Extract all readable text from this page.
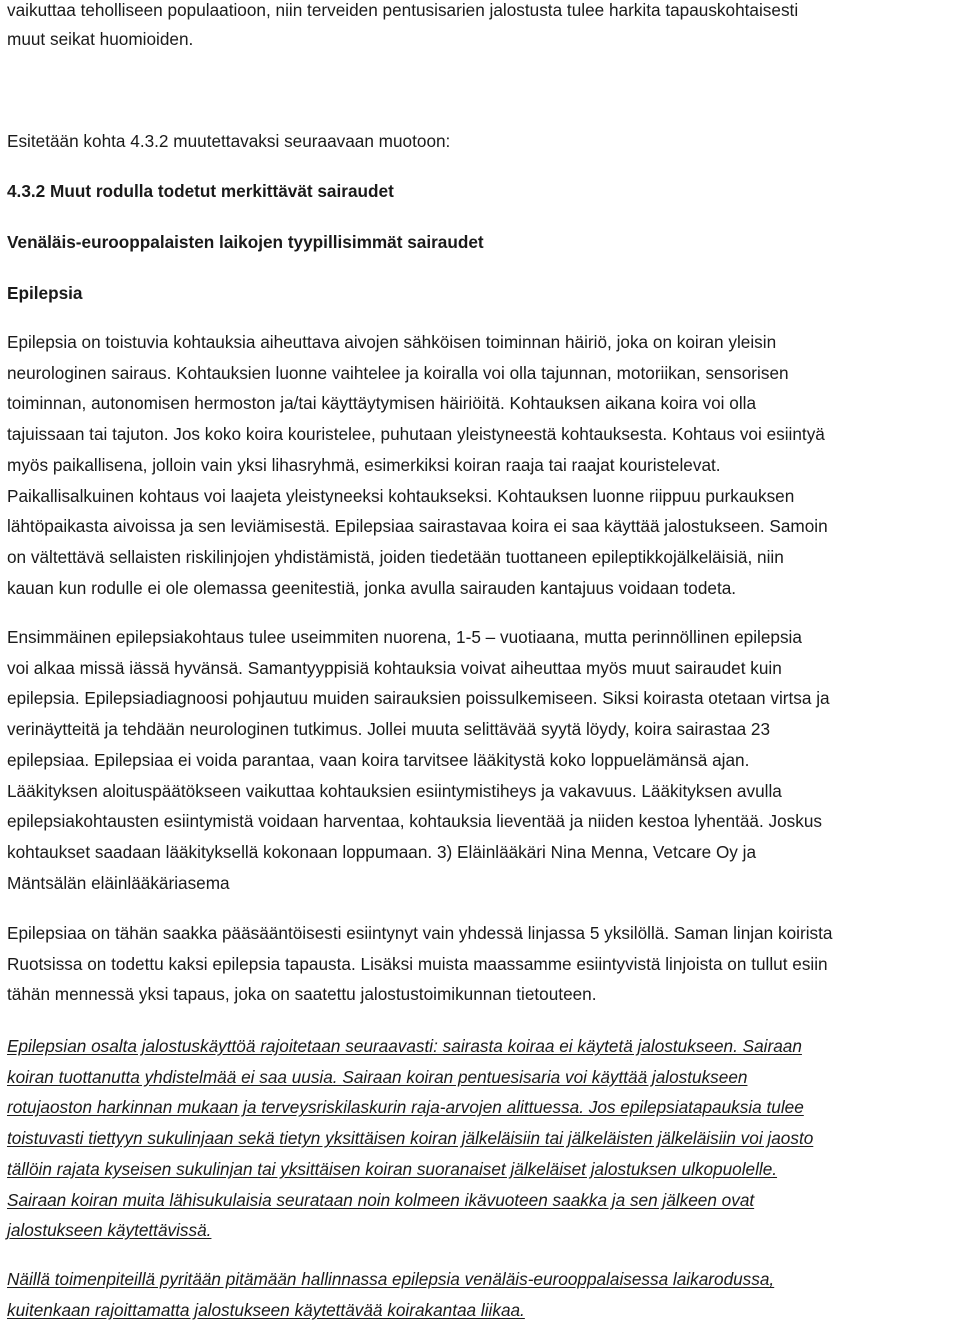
vaikuttaa teholliseen populaatioon, niin terveiden pentusisarien jalostusta tulee harkita tapauskohtaisesti
muut seikat huomioiden.
Esitetään kohta 4.3.2 muutettavaksi seuraavaan muotoon:
4.3.2 Muut rodulla todetut merkittävät sairaudet
Venäläis-eurooppalaisten laikojen tyypillisimmät sairaudet
Epilepsia
Epilepsia on toistuvia kohtauksia aiheuttava aivojen sähköisen toiminnan häiriö, joka on koiran yleisin
neurologinen sairaus. Kohtauksien luonne vaihtelee ja koiralla voi olla tajunnan, motoriikan, sensorisen
toiminnan, autonomisen hermoston ja/tai käyttäytymisen häiriöitä. Kohtauksen aikana koira voi olla
tajuissaan tai tajuton. Jos koko koira kouristelee, puhutaan yleistyneestä kohtauksesta. Kohtaus voi esiintyä
myös paikallisena, jolloin vain yksi lihasryhmä, esimerkiksi koiran raaja tai raajat kouristelevat.
Paikallisalkuinen kohtaus voi laajeta yleistyneeksi kohtaukseksi. Kohtauksen luonne riippuu purkauksen
lähtöpaikasta aivoissa ja sen leviämisestä. Epilepsiaa sairastavaa koira ei saa käyttää jalostukseen. Samoin
on vältettävä sellaisten riskilinjojen yhdistämistä, joiden tiedetään tuottaneen epileptikkojälkeläisiä, niin
kauan kun rodulle ei ole olemassa geenitestiä, jonka avulla sairauden kantajuus voidaan todeta.
Ensimmäinen epilepsiakohtaus tulee useimmiten nuorena, 1-5 – vuotiaana, mutta perinnöllinen epilepsia
voi alkaa missä iässä hyvänsä. Samantyyppisiä kohtauksia voivat aiheuttaa myös muut sairaudet kuin
epilepsia. Epilepsiadiagnoosi pohjautuu muiden sairauksien poissulkemiseen. Siksi koirasta otetaan virtsa ja
verinäytteitä ja tehdään neurologinen tutkimus. Jollei muuta selittävää syytä löydy, koira sairastaa 23
epilepsiaa. Epilepsiaa ei voida parantaa, vaan koira tarvitsee lääkitystä koko loppuelämänsä ajan.
Lääkityksen aloituspäätökseen vaikuttaa kohtauksien esiintymistiheys ja vakavuus. Lääkityksen avulla
epilepsiakohtausten esiintymistä voidaan harventaa, kohtauksia lieventää ja niiden kestoa lyhentää. Joskus
kohtaukset saadaan lääkityksellä kokonaan loppumaan. 3) Eläinlääkäri Nina Menna, Vetcare Oy ja
Mäntsälän eläinlääkäriasema
Epilepsiaa on tähän saakka pääsääntöisesti esiintynyt vain yhdessä linjassa 5 yksilöllä. Saman linjan koirista
Ruotsissa on todettu kaksi epilepsia tapausta. Lisäksi muista maassamme esiintyvistä linjoista on tullut esiin
tähän mennessä yksi tapaus, joka on saatettu jalostustoimikunnan tietouteen.
Epilepsian osalta jalostuskäyttöä rajoitetaan seuraavasti: sairasta koiraa ei käytetä jalostukseen. Sairaan
koiran tuottanutta yhdistelmää ei saa uusia. Sairaan koiran pentuesisaria voi käyttää jalostukseen
rotujaoston harkinnan mukaan ja terveysriskilaskurin raja-arvojen alittuessa. Jos epilepsiatapauksia tulee
toistuvasti tiettyyn sukulinjaan sekä tietyn yksittäisen koiran jälkeläisiin tai jälkeläisten jälkeläisiin voi jaosto
tällöin rajata kyseisen sukulinjan tai yksittäisen koiran suoranaiset jälkeläiset jalostuksen ulkopuolelle.
Sairaan koiran muita lähisukulaisia seurataan noin kolmeen ikävuoteen saakka ja sen jälkeen ovat
jalostukseen käytettävissä.
Näillä toimenpiteillä pyritään pitämään hallinnassa epilepsia venäläis-eurooppalaisessa laikarodussa,
kuitenkaan rajoittamatta jalostukseen käytettävää koirakantaa liikaa.
